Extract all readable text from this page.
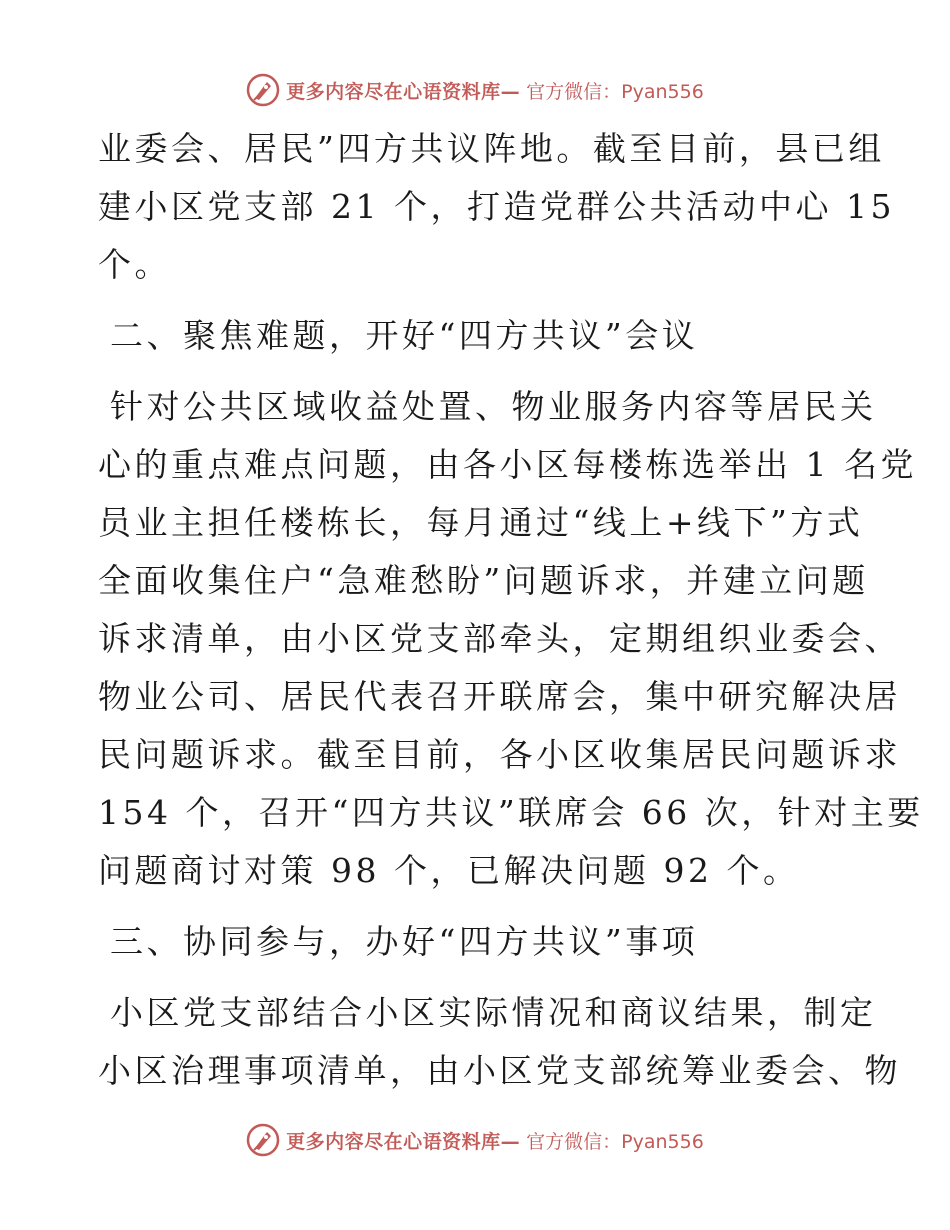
更多内容尽在心语资料库— 官方微信：Pyan556
业委会、居民”四方共议阵地。截至目前，县已组
建小区党支部 21 个，打造党群公共活动中心 15
个。
二、聚焦难题，开好“四方共议”会议
针对公共区域收益处置、物业服务内容等居民关
心的重点难点问题，由各小区每楼栋选举出 1 名党
员业主担任楼栋长，每月通过“线上+线下”方式
全面收集住户“急难愁盼”问题诉求，并建立问题
诉求清单，由小区党支部牵头，定期组织业委会、
物业公司、居民代表召开联席会，集中研究解决居
民问题诉求。截至目前，各小区收集居民问题诉求
154 个，召开“四方共议”联席会 66 次，针对主要
问题商讨对策 98 个，已解决问题 92 个。
三、协同参与，办好“四方共议”事项
小区党支部结合小区实际情况和商议结果，制定
小区治理事项清单，由小区党支部统筹业委会、物
更多内容尽在心语资料库— 官方微信：Pyan556
